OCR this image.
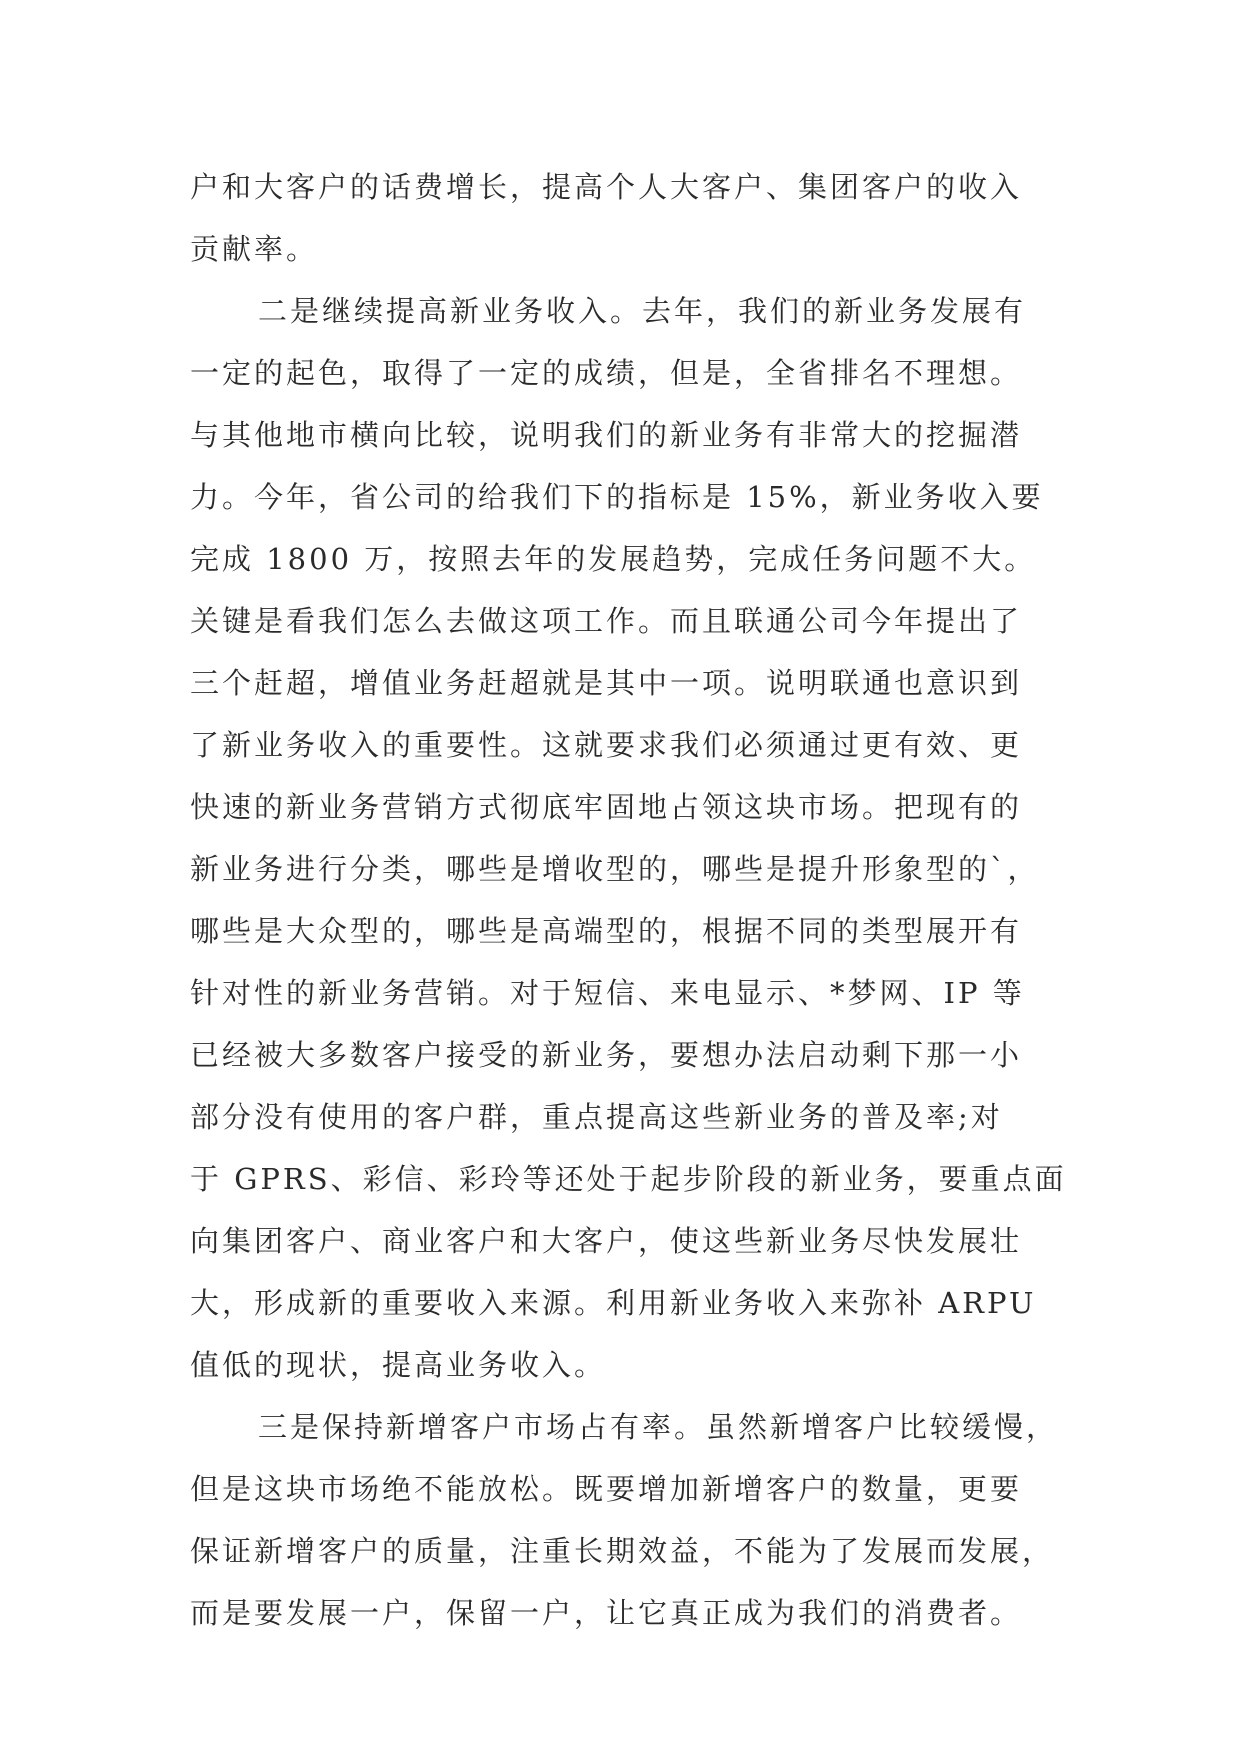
户和大客户的话费增长，提高个人大客户、集团客户的收入
贡献率。
二是继续提高新业务收入。去年，我们的新业务发展有
一定的起色，取得了一定的成绩，但是，全省排名不理想。
与其他地市横向比较，说明我们的新业务有非常大的挖掘潜
力。今年，省公司的给我们下的指标是 15%，新业务收入要
完成 1800 万，按照去年的发展趋势，完成任务问题不大。
关键是看我们怎么去做这项工作。而且联通公司今年提出了
三个赶超，增值业务赶超就是其中一项。说明联通也意识到
了新业务收入的重要性。这就要求我们必须通过更有效、更
快速的新业务营销方式彻底牢固地占领这块市场。把现有的
新业务进行分类，哪些是增收型的，哪些是提升形象型的`，
哪些是大众型的，哪些是高端型的，根据不同的类型展开有
针对性的新业务营销。对于短信、来电显示、*梦网、IP 等
已经被大多数客户接受的新业务，要想办法启动剩下那一小
部分没有使用的客户群，重点提高这些新业务的普及率;对
于 GPRS、彩信、彩玲等还处于起步阶段的新业务，要重点面
向集团客户、商业客户和大客户，使这些新业务尽快发展壮
大，形成新的重要收入来源。利用新业务收入来弥补 ARPU
值低的现状，提高业务收入。
三是保持新增客户市场占有率。虽然新增客户比较缓慢，
但是这块市场绝不能放松。既要增加新增客户的数量，更要
保证新增客户的质量，注重长期效益，不能为了发展而发展，
而是要发展一户，保留一户，让它真正成为我们的消费者。
